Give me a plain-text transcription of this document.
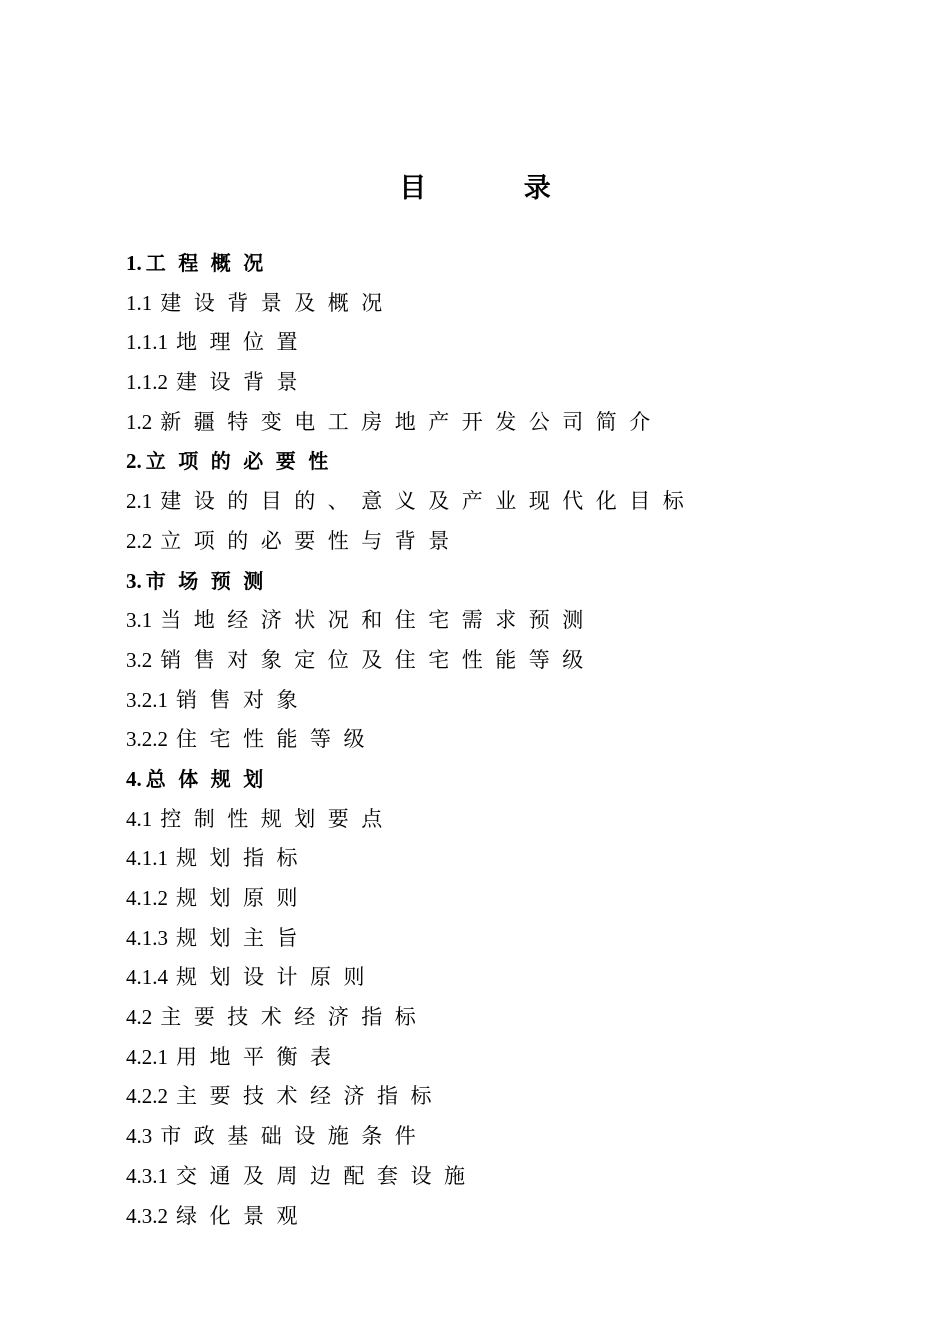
目 录
1. 工程概况
1.1 建设背景及概况
1.1.1 地理位置
1.1.2 建设背景
1.2 新疆特变电工房地产开发公司简介
2. 立项的必要性
2.1 建设的目的、意义及产业现代化目标
2.2 立项的必要性与背景
3. 市场预测
3.1 当地经济状况和住宅需求预测
3.2 销售对象定位及住宅性能等级
3.2.1 销售对象
3.2.2 住宅性能等级
4. 总体规划
4.1 控制性规划要点
4.1.1 规划指标
4.1.2 规划原则
4.1.3 规划主旨
4.1.4 规划设计原则
4.2 主要技术经济指标
4.2.1 用地平衡表
4.2.2 主要技术经济指标
4.3 市政基础设施条件
4.3.1 交通及周边配套设施
4.3.2 绿化景观
